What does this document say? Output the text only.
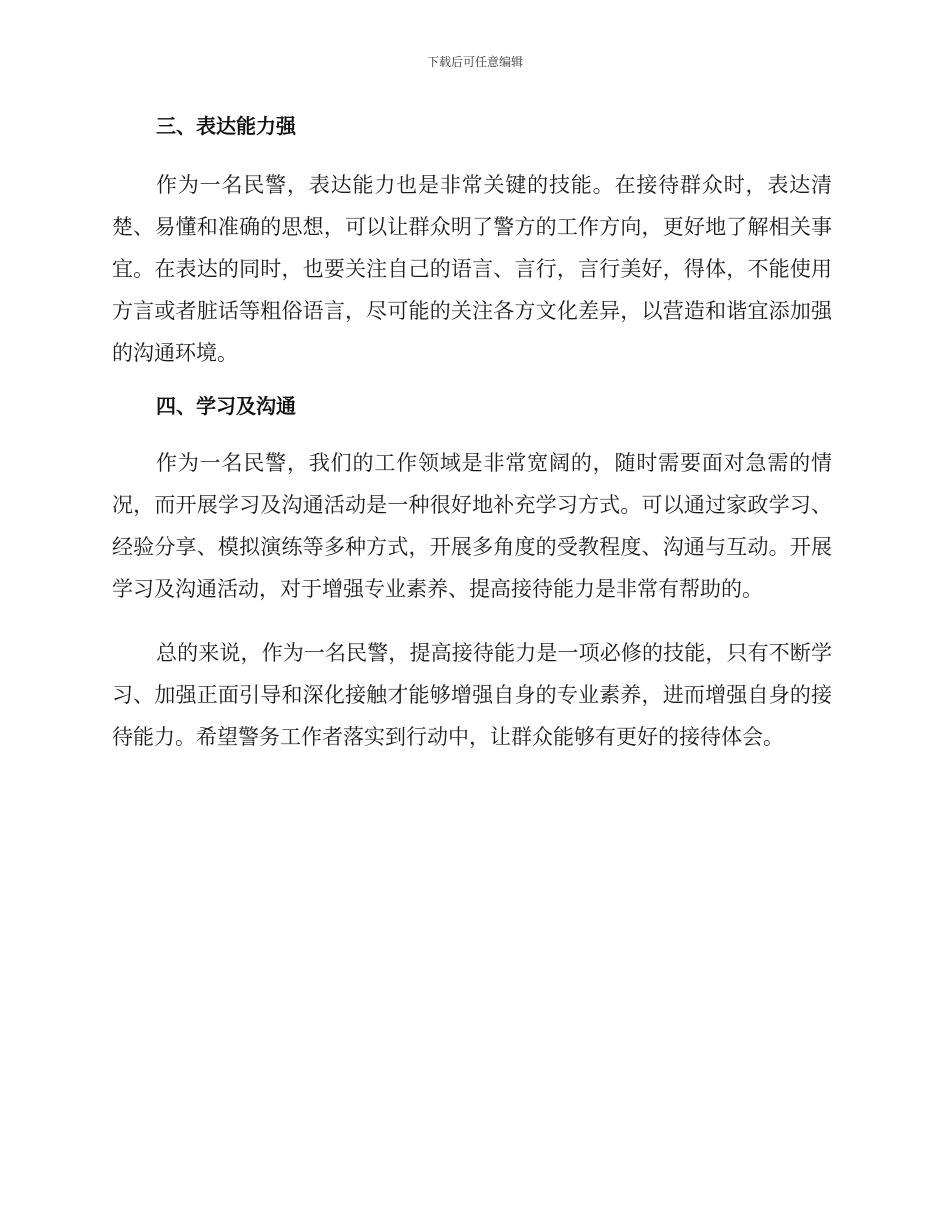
下载后可任意编辑
三、表达能力强

作为一名民警，表达能力也是非常关键的技能。在接待群众时，表达清楚、易懂和准确的思想，可以让群众明了警方的工作方向，更好地了解相关事宜。在表达的同时，也要关注自己的语言、言行，言行美好，得体，不能使用方言或者脏话等粗俗语言，尽可能的关注各方文化差异，以营造和谐宜添加强的沟通环境。

四、学习及沟通

作为一名民警，我们的工作领域是非常宽阔的，随时需要面对急需的情况，而开展学习及沟通活动是一种很好地补充学习方式。可以通过家政学习、经验分享、模拟演练等多种方式，开展多角度的受教程度、沟通与互动。开展学习及沟通活动，对于增强专业素养、提高接待能力是非常有帮助的。

总的来说，作为一名民警，提高接待能力是一项必修的技能，只有不断学习、加强正面引导和深化接触才能够增强自身的专业素养，进而增强自身的接待能力。希望警务工作者落实到行动中，让群众能够有更好的接待体会。
